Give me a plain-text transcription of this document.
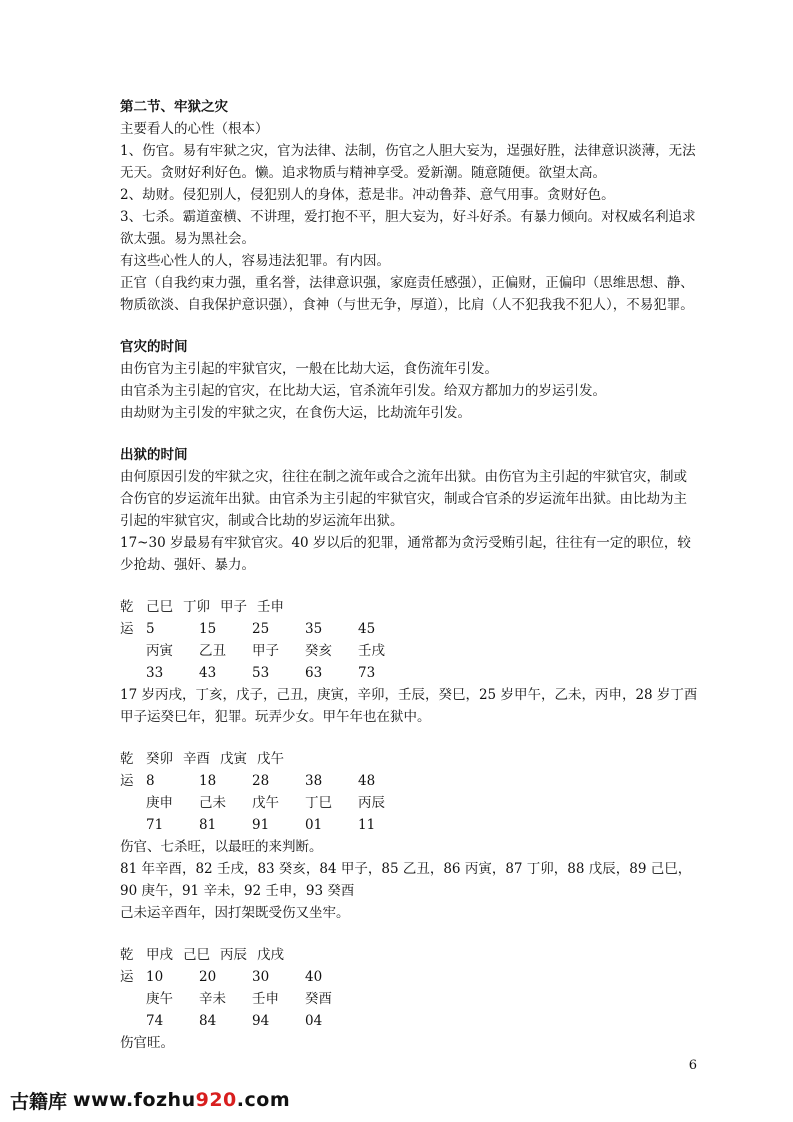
第二节、牢狱之灾

主要看人的心性（根本）

1、伤官。易有牢狱之灾，官为法律、法制，伤官之人胆大妄为，逞强好胜，法律意识淡薄，无法无天。贪财好利好色。懒。追求物质与精神享受。爱新潮。随意随便。欲望太高。

2、劫财。侵犯别人，侵犯别人的身体，惹是非。冲动鲁莽、意气用事。贪财好色。

3、七杀。霸道蛮横、不讲理，爱打抱不平，胆大妄为，好斗好杀。有暴力倾向。对权威名利追求欲太强。易为黑社会。

有这些心性人的人，容易违法犯罪。有内因。

正官（自我约束力强，重名誉，法律意识强，家庭责任感强），正偏财，正偏印（思维思想、静、物质欲淡、自我保护意识强），食神（与世无争，厚道），比肩（人不犯我我不犯人），不易犯罪。

官灾的时间

由伤官为主引起的牢狱官灾，一般在比劫大运，食伤流年引发。

由官杀为主引起的官灾，在比劫大运，官杀流年引发。给双方都加力的岁运引发。

由劫财为主引发的牢狱之灾，在食伤大运，比劫流年引发。

出狱的时间

由何原因引发的牢狱之灾，往往在制之流年或合之流年出狱。由伤官为主引起的牢狱官灾，制或合伤官的岁运流年出狱。由官杀为主引起的牢狱官灾，制或合官杀的岁运流年出狱。由比劫为主引起的牢狱官灾，制或合比劫的岁运流年出狱。

17~30 岁最易有牢狱官灾。40 岁以后的犯罪，通常都为贪污受贿引起，往往有一定的职位，较少抢劫、强奸、暴力。

乾 己巳 丁卯 甲子 壬申
运 5	15	25	35	45
丙寅	乙丑	甲子	癸亥	壬戌
33	43	53	63	73

17 岁丙戌，丁亥，戊子，己丑，庚寅，辛卯，壬辰，癸巳，25 岁甲午，乙未，丙申，28 岁丁酉甲子运癸巳年，犯罪。玩弄少女。甲午年也在狱中。

乾 癸卯 辛酉 戊寅 戊午
运 8	18	28	38	48
庚申	己未	戊午	丁巳	丙辰
71	81	91	01	11

伤官、七杀旺，以最旺的来判断。

81 年辛酉，82 壬戌，83 癸亥，84 甲子，85 乙丑，86 丙寅，87 丁卯，88 戊辰，89 己巳，90 庚午，91 辛未，92 壬申，93 癸酉

己未运辛酉年，因打架既受伤又坐牢。

乾 甲戌 己巳 丙辰 戊戌
运 10	20	30	40
庚午	辛未	壬申	癸酉
74	84	94	04

伤官旺。

6
古籍库 www.fozhu920.com
